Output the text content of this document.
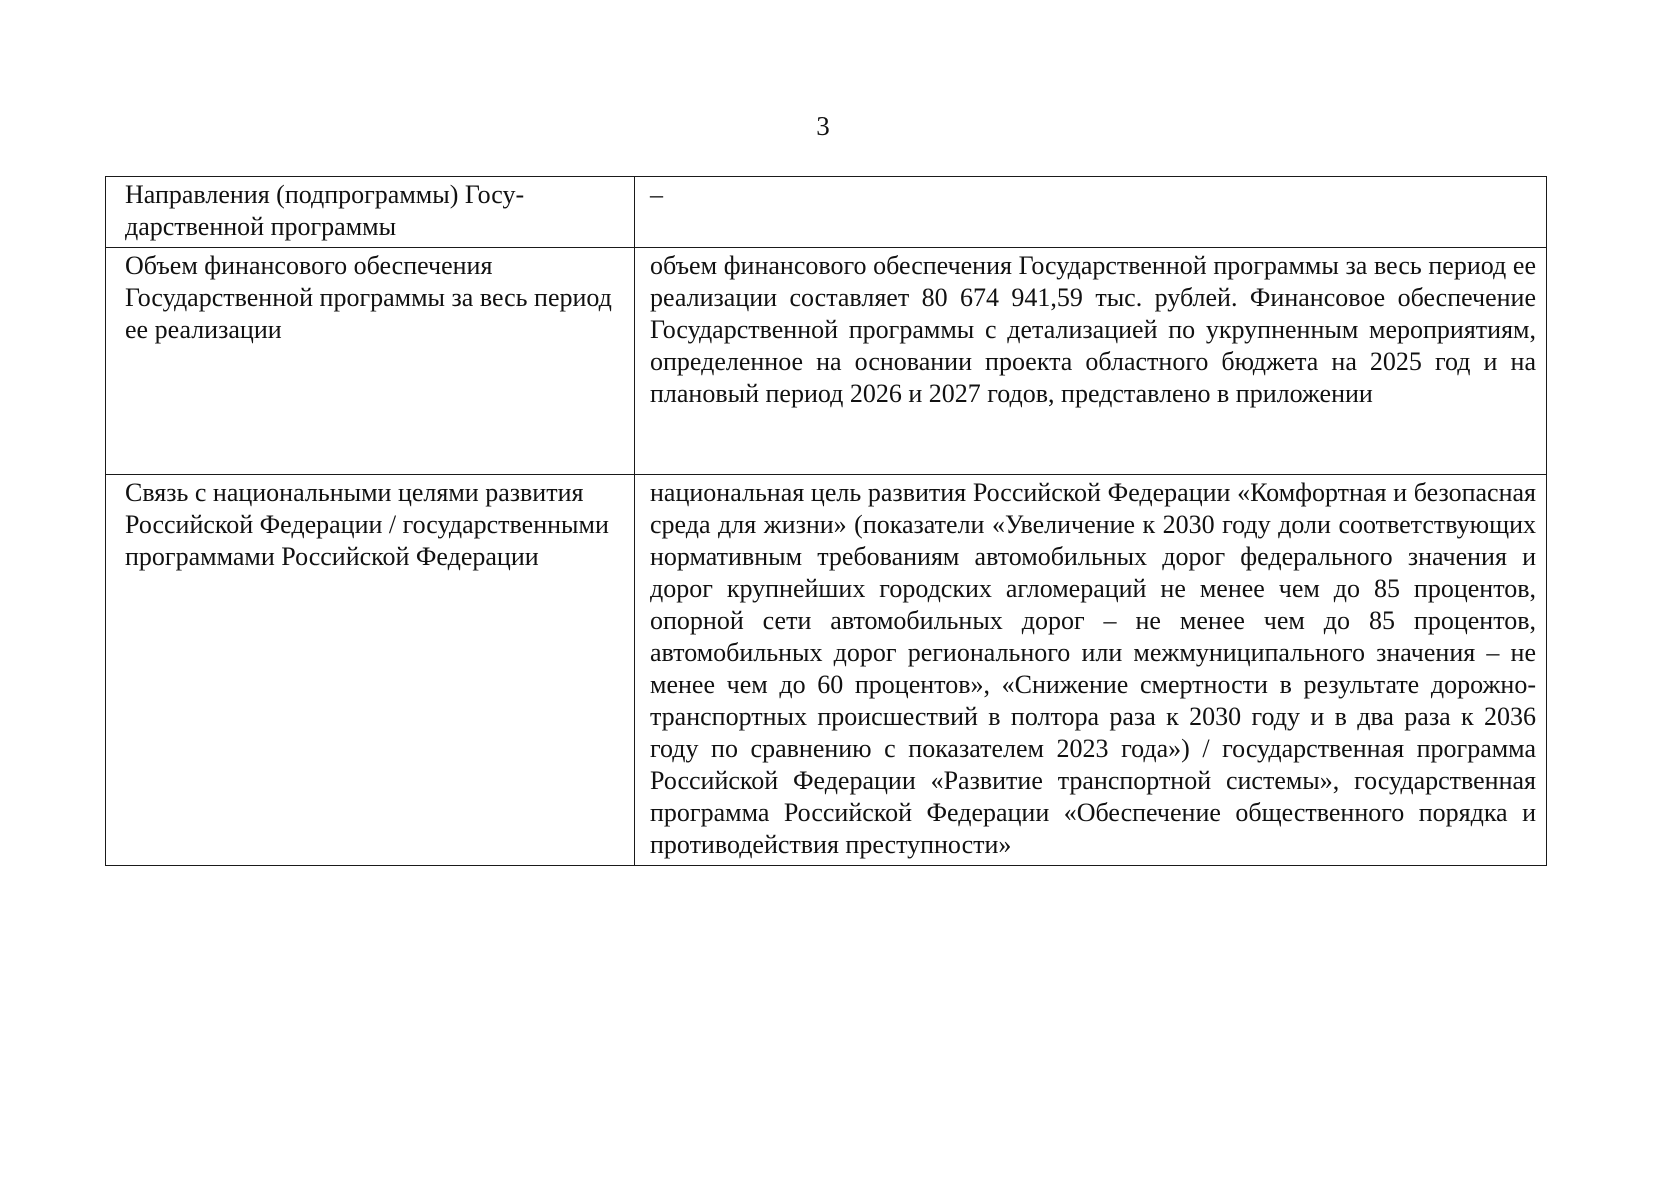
3
Направления (подпрограммы) Государственной программы	–
Объем финансового обеспечения Государственной программы за весь период ее реализации	объем финансового обеспечения Государственной программы за весь период ее реализации составляет 80 674 941,59 тыс. рублей. Финансовое обеспечение Государственной программы с детализацией по укрупненным мероприятиям, определенное на основании проекта областного бюджета на 2025 год и на плановый период 2026 и 2027 годов, представлено в приложении
Связь с национальными целями развития Российской Федерации / государственными программами Российской Федерации	национальная цель развития Российской Федерации «Комфортная и безопасная среда для жизни» (показатели «Увеличение к 2030 году доли соответствующих нормативным требованиям автомобильных дорог федерального значения и дорог крупнейших городских агломераций не менее чем до 85 процентов, опорной сети автомобильных дорог – не менее чем до 85 процентов, автомобильных дорог регионального или межмуниципального значения – не менее чем до 60 процентов», «Снижение смертности в результате дорожно-транспортных происшествий в полтора раза к 2030 году и в два раза к 2036 году по сравнению с показателем 2023 года») / государственная программа Российской Федерации «Развитие транспортной системы», государственная программа Российской Федерации «Обеспечение общественного порядка и противодействия преступности»
